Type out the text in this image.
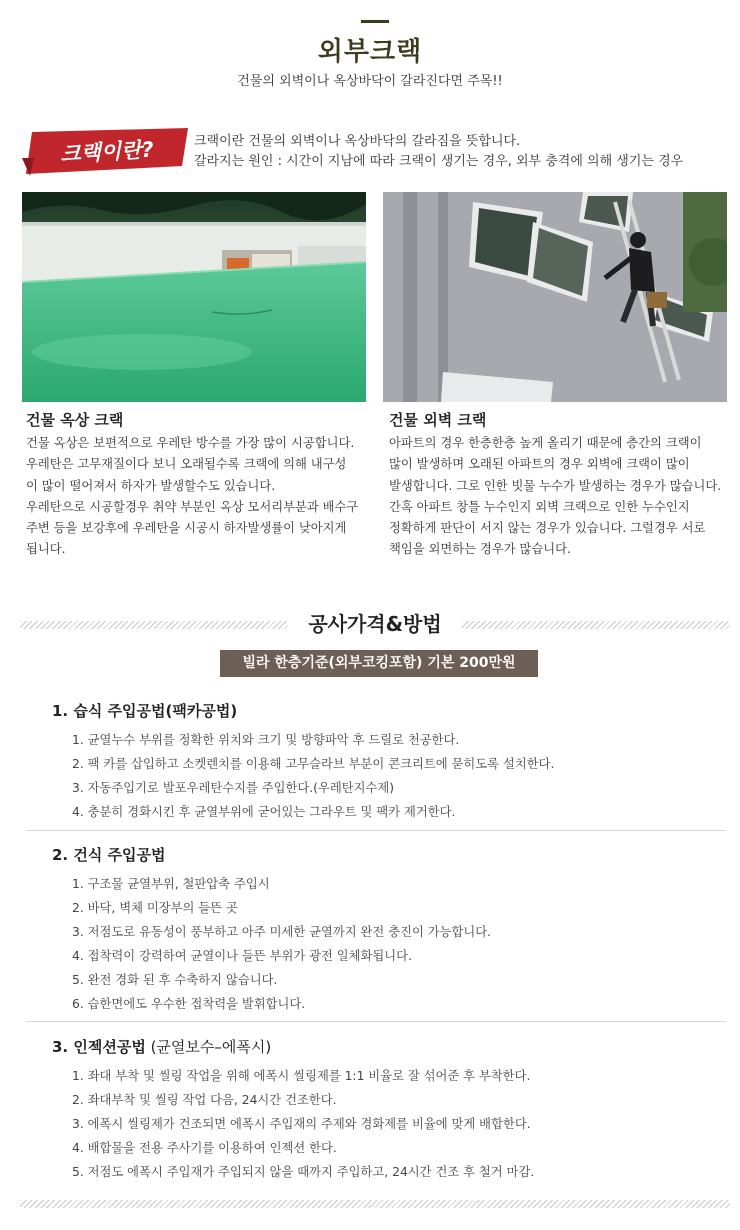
외부크랙
건물의 외벽이나 옥상바닥이 갈라진다면 주목!!
크랙이란?	크랙이란 건물의 외벽이나 옥상바닥의 갈라짐을 뜻합니다.
갈라지는 원인 : 시간이 지남에 따라 크랙이 생기는 경우, 외부 충격에 의해 생기는 경우
건물 옥상 크랙

건물 옥상은 보편적으로 우레탄 방수를 가장 많이 시공합니다.
우레탄은 고무재질이다 보니 오래될수록 크랙에 의해 내구성
이 많이 떨어져서 하자가 발생할수도 있습니다.
우레탄으로 시공할경우 취약 부분인 옥상 모서리부분과 배수구
주변 등을 보강후에 우레탄을 시공시 하자발생률이 낮아지게
됩니다.

건물 외벽 크랙

아파트의 경우 한층한층 높게 올리기 때문에 층간의 크랙이
많이 발생하며 오래된 아파트의 경우 외벽에 크랙이 많이
발생합니다. 그로 인한 빗물 누수가 발생하는 경우가 많습니다.
간혹 아파트 창틀 누수인지 외벽 크랙으로 인한 누수인지
정확하게 판단이 서지 않는 경우가 있습니다. 그럴경우 서로
책임을 외면하는 경우가 많습니다.

공사가격&방법
빌라 한층기준(외부코킹포함) 기본 200만원
1. 습식 주입공법(팩카공법)
1. 균열누수 부위를 정확한 위치와 크기 및 방향파악 후 드릴로 천공한다.
2. 팩 카를 삽입하고 소켓렌치를 이용해 고무슬라브 부분이 콘크리트에 묻히도록 설치한다.
3. 자동주입기로 발포우레탄수지를 주입한다.(우레탄지수제)
4. 충분히 경화시킨 후 균열부위에 굳어있는 그라우트 및 팩카 제거한다.
2. 건식 주입공법
1. 구조물 균열부위, 철판압축 주입시
2. 바닥, 벽체 미장부의 들뜬 곳
3. 저점도로 유동성이 풍부하고 아주 미세한 균열까지 완전 충진이 가능합니다.
4. 접착력이 강력하여 균열이나 들뜬 부위가 광전 일체화됩니다.
5. 완전 경화 된 후 수축하지 않습니다.
6. 습한면에도 우수한 접착력을 발휘합니다.
3. 인젝션공법 (균열보수–에폭시)
1. 좌대 부착 및 씰링 작업을 위해 에폭시 씰링제를 1:1 비율로 잘 섞어준 후 부착한다.
2. 좌대부착 및 씰링 작업 다음, 24시간 건조한다.
3. 에폭시 씰링제가 건조되면 에폭시 주입재의 주제와 경화제를 비율에 맞게 배합한다.
4. 배합물을 전용 주사기를 이용하여 인젝션 한다.
5. 저점도 에폭시 주입재가 주입되지 않을 때까지 주입하고, 24시간 건조 후 철거 마감.
